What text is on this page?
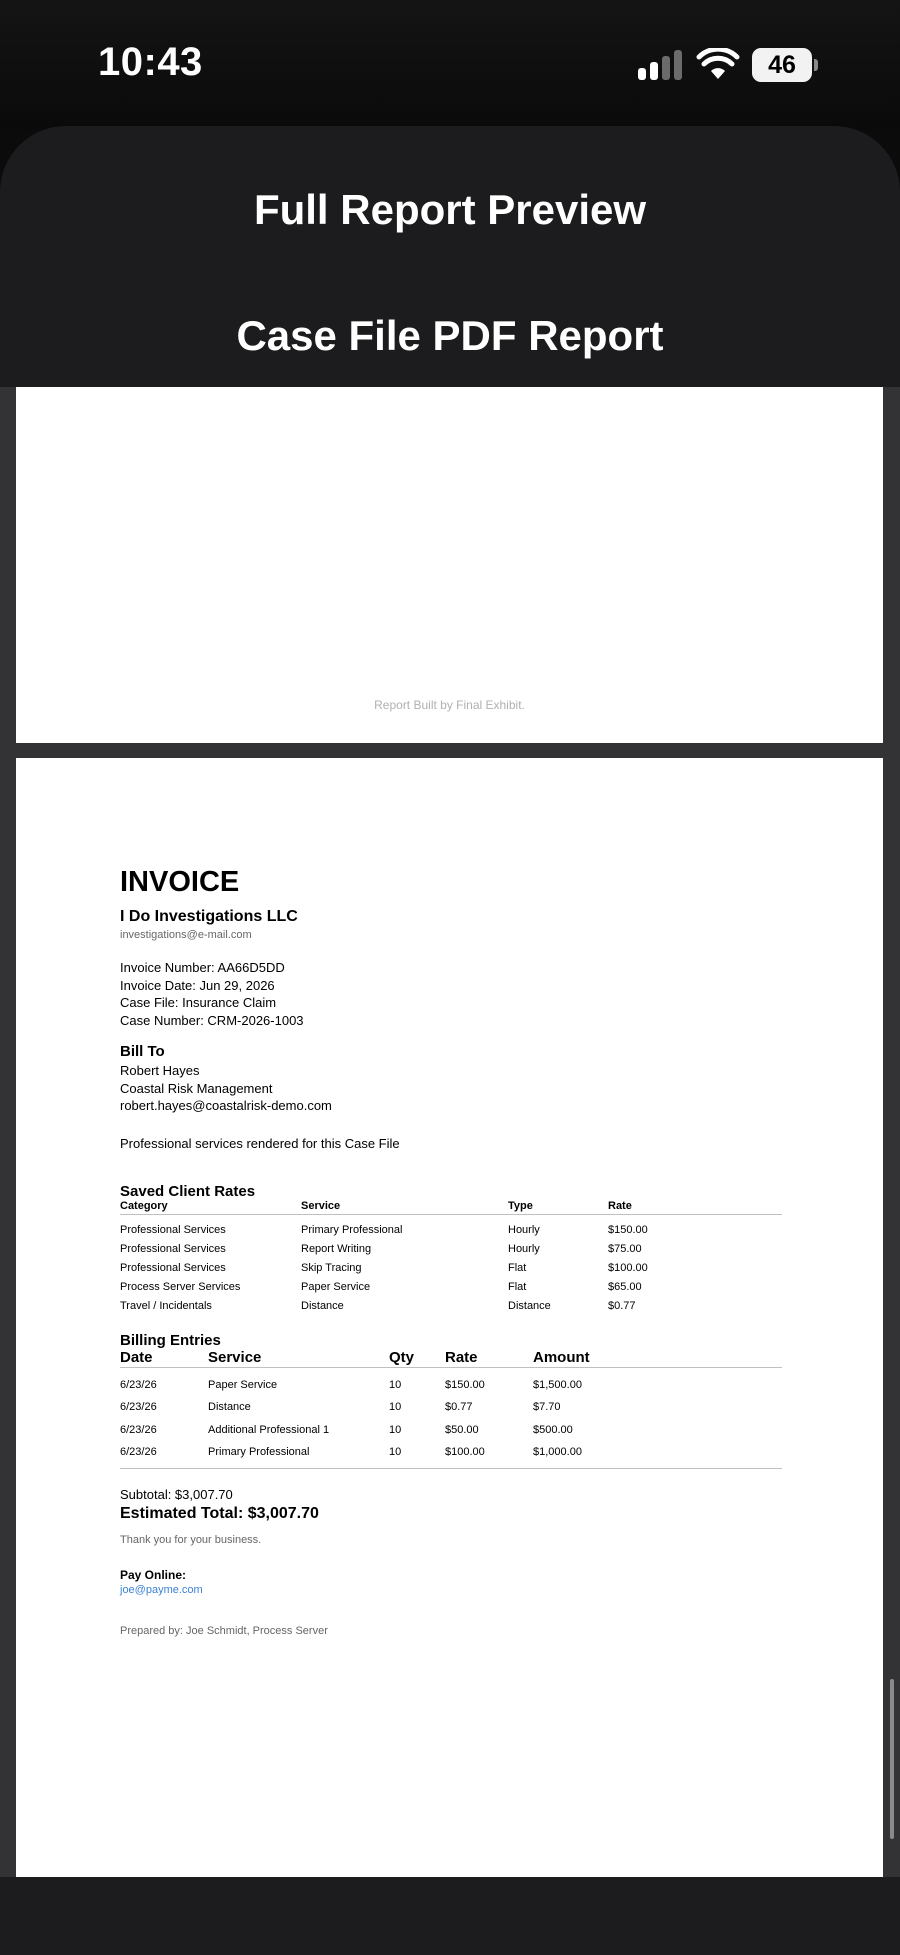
10:43	46
Full Report Preview
Case File PDF Report
Report Built by Final Exhibit.
INVOICE
I Do Investigations LLC
investigations@e-mail.com
Invoice Number: AA66D5DD
Invoice Date: Jun 29, 2026
Case File: Insurance Claim
Case Number: CRM-2026-1003
Bill To
Robert Hayes
Coastal Risk Management
robert.hayes@coastalrisk-demo.com
Professional services rendered for this Case File
Saved Client Rates
Category	Service	Type	Rate
Professional Services	Primary Professional	Hourly	$150.00
Professional Services	Report Writing	Hourly	$75.00
Professional Services	Skip Tracing	Flat	$100.00
Process Server Services	Paper Service	Flat	$65.00
Travel / Incidentals	Distance	Distance	$0.77
Billing Entries
Date	Service	Qty	Rate	Amount
6/23/26	Paper Service	10	$150.00	$1,500.00
6/23/26	Distance	10	$0.77	$7.70
6/23/26	Additional Professional 1	10	$50.00	$500.00
6/23/26	Primary Professional	10	$100.00	$1,000.00
Subtotal: $3,007.70
Estimated Total: $3,007.70
Thank you for your business.
Pay Online:
joe@payme.com
Prepared by: Joe Schmidt, Process Server
